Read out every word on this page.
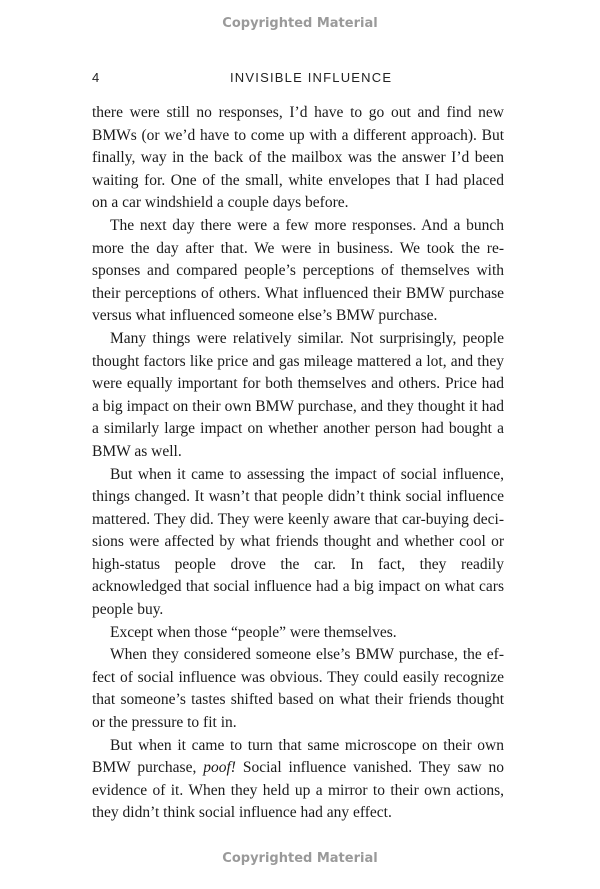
Copyrighted Material
4	INVISIBLE INFLUENCE

there were still no responses, I’d have to go out and find new BMWs (or we’d have to come up with a different approach). But finally, way in the back of the mailbox was the answer I’d been waiting for. One of the small, white envelopes that I had placed on a car windshield a couple days before.

The next day there were a few more responses. And a bunch more the day after that. We were in business. We took the responses and compared people’s perceptions of themselves with their perceptions of others. What influenced their BMW purchase versus what influenced someone else’s BMW purchase.

Many things were relatively similar. Not surprisingly, people thought factors like price and gas mileage mattered a lot, and they were equally important for both themselves and others. Price had a big impact on their own BMW purchase, and they thought it had a similarly large impact on whether another person had bought a BMW as well.

But when it came to assessing the impact of social influence, things changed. It wasn’t that people didn’t think social influence mattered. They did. They were keenly aware that car-buying decisions were affected by what friends thought and whether cool or high-status people drove the car. In fact, they readily acknowledged that social influence had a big impact on what cars people buy.

Except when those “people” were themselves.

When they considered someone else’s BMW purchase, the effect of social influence was obvious. They could easily recognize that someone’s tastes shifted based on what their friends thought or the pressure to fit in.

But when it came to turn that same microscope on their own BMW purchase, poof! Social influence vanished. They saw no evidence of it. When they held up a mirror to their own actions, they didn’t think social influence had any effect.

Copyrighted Material
